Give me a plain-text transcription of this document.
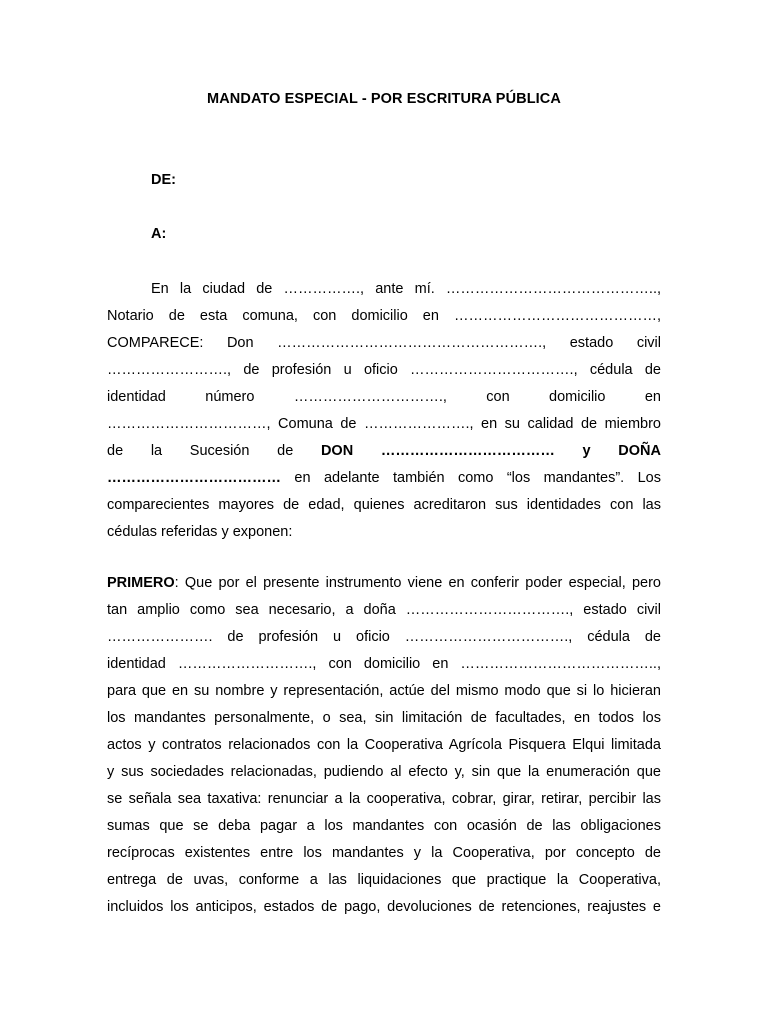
MANDATO ESPECIAL - POR ESCRITURA PÚBLICA
DE:
A:
En la ciudad de ……………., ante mí. ……………………………………..,
Notario de esta comuna, con domicilio en ……………………………………,
COMPARECE: Don ………………………………………………., estado civil
……………………., de profesión u oficio ……………………………., cédula de
identidad número …………………………., con domicilio en
……………………………, Comuna de …………………., en su calidad de miembro
de la Sucesión de DON ……………………………… y DOÑA
……………………………… en adelante también como “los mandantes”. Los
comparecientes mayores de edad, quienes acreditaron sus identidades con las
cédulas referidas y exponen:
PRIMERO: Que por el presente instrumento viene en conferir poder especial, pero
tan amplio como sea necesario, a doña ……………………………., estado civil
…………………. de profesión u oficio ……………………………., cédula de
identidad ………………………., con domicilio en …………………………………..,
para que en su nombre y representación, actúe del mismo modo que si lo hicieran
los mandantes personalmente, o sea, sin limitación de facultades, en todos los
actos y contratos relacionados con la Cooperativa Agrícola Pisquera Elqui limitada
y sus sociedades relacionadas, pudiendo al efecto y, sin que la enumeración que
se señala sea taxativa: renunciar a la cooperativa, cobrar, girar, retirar, percibir las
sumas que se deba pagar a los mandantes con ocasión de las obligaciones
recíprocas existentes entre los mandantes y la Cooperativa, por concepto de
entrega de uvas, conforme a las liquidaciones que practique la Cooperativa,
incluidos los anticipos, estados de pago, devoluciones de retenciones, reajustes e
